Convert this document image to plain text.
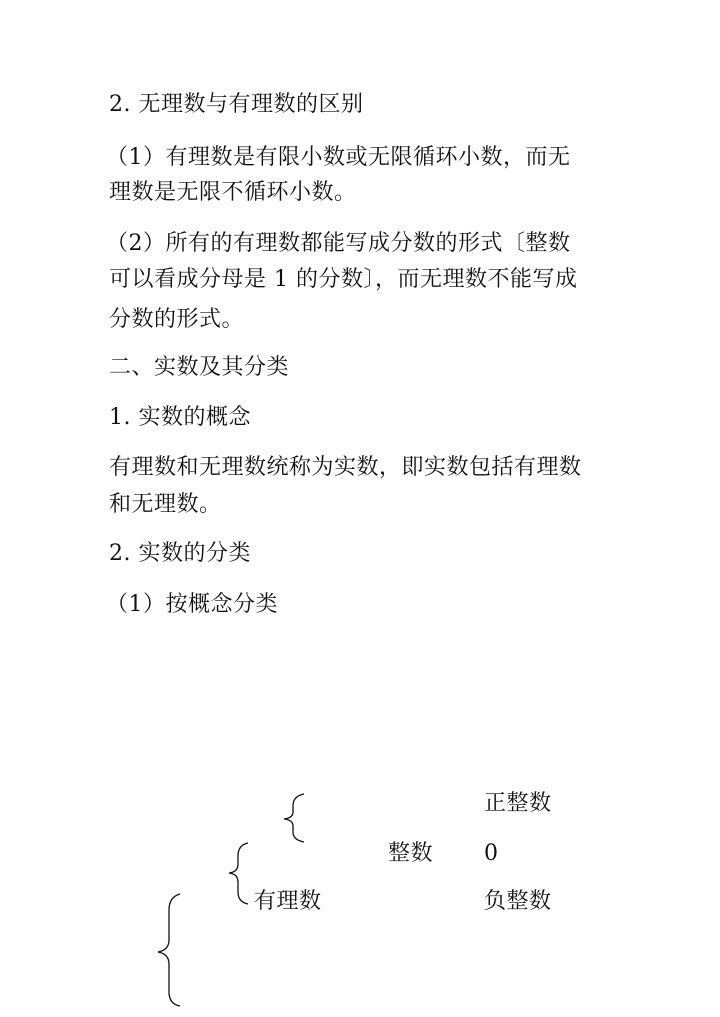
2. 无理数与有理数的区别
（1）有理数是有限小数或无限循环小数，而无
理数是无限不循环小数。
（2）所有的有理数都能写成分数的形式〔整数
可以看成分母是 1 的分数〕，而无理数不能写成
分数的形式。
二、实数及其分类
1. 实数的概念
有理数和无理数统称为实数，即实数包括有理数
和无理数。
2. 实数的分类
（1）按概念分类
正整数
整数 0
有理数	负整数
